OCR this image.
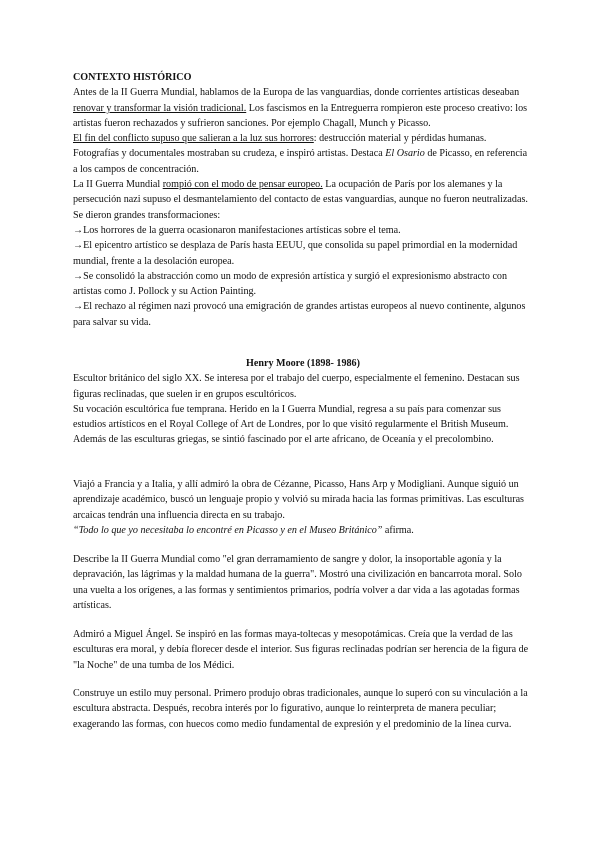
CONTEXTO HISTÓRICO

Antes de la II Guerra Mundial, hablamos de la Europa de las vanguardias, donde corrientes artísticas deseaban renovar y transformar la visión tradicional. Los fascismos en la Entreguerra rompieron este proceso creativo: los artistas fueron rechazados y sufrieron sanciones. Por ejemplo Chagall, Munch y Picasso.

El fin del conflicto supuso que salieran a la luz sus horrores: destrucción material y pérdidas humanas. Fotografías y documentales mostraban su crudeza, e inspiró artistas. Destaca El Osario de Picasso, en referencia a los campos de concentración.

La II Guerra Mundial rompió con el modo de pensar europeo. La ocupación de París por los alemanes y la persecución nazi supuso el desmantelamiento del contacto de estas vanguardias, aunque no fueron neutralizadas. Se dieron grandes transformaciones:

→Los horrores de la guerra ocasionaron manifestaciones artísticas sobre el tema.

→El epicentro artístico se desplaza de París hasta EEUU, que consolida su papel primordial en la modernidad mundial, frente a la desolación europea.

→Se consolidó la abstracción como un modo de expresión artística y surgió el expresionismo abstracto con artistas como J. Pollock y su Action Painting.

→El rechazo al régimen nazi provocó una emigración de grandes artistas europeos al nuevo continente, algunos para salvar su vida.

Henry Moore (1898- 1986)

Escultor británico del siglo XX. Se interesa por el trabajo del cuerpo, especialmente el femenino. Destacan sus figuras reclinadas, que suelen ir en grupos escultóricos.

Su vocación escultórica fue temprana. Herido en la I Guerra Mundial, regresa a su país para comenzar sus estudios artísticos en el Royal College of Art de Londres, por lo que visitó regularmente el British Museum. Además de las esculturas griegas, se sintió fascinado por el arte africano, de Oceanía y el precolombino.

Viajó a Francia y a Italia, y allí admiró la obra de Cézanne, Picasso, Hans Arp y Modigliani. Aunque siguió un aprendizaje académico, buscó un lenguaje propio y volvió su mirada hacia las formas primitivas. Las esculturas arcaicas tendrán una influencia directa en su trabajo.

“Todo lo que yo necesitaba lo encontré en Picasso y en el Museo Británico” afirma.

Describe la II Guerra Mundial como "el gran derramamiento de sangre y dolor, la insoportable agonía y la depravación, las lágrimas y la maldad humana de la guerra". Mostró una civilización en bancarrota moral. Solo una vuelta a los orígenes, a las formas y sentimientos primarios, podría volver a dar vida a las agotadas formas artísticas.

Admiró a Miguel Ángel. Se inspiró en las formas maya-toltecas y mesopotámicas. Creía que la verdad de las esculturas era moral, y debía florecer desde el interior. Sus figuras reclinadas podrían ser herencia de la figura de "la Noche" de una tumba de los Médici.

Construye un estilo muy personal. Primero produjo obras tradicionales, aunque lo superó con su vinculación a la escultura abstracta. Después, recobra interés por lo figurativo, aunque lo reinterpreta de manera peculiar; exagerando las formas, con huecos como medio fundamental de expresión y el predominio de la línea curva.
